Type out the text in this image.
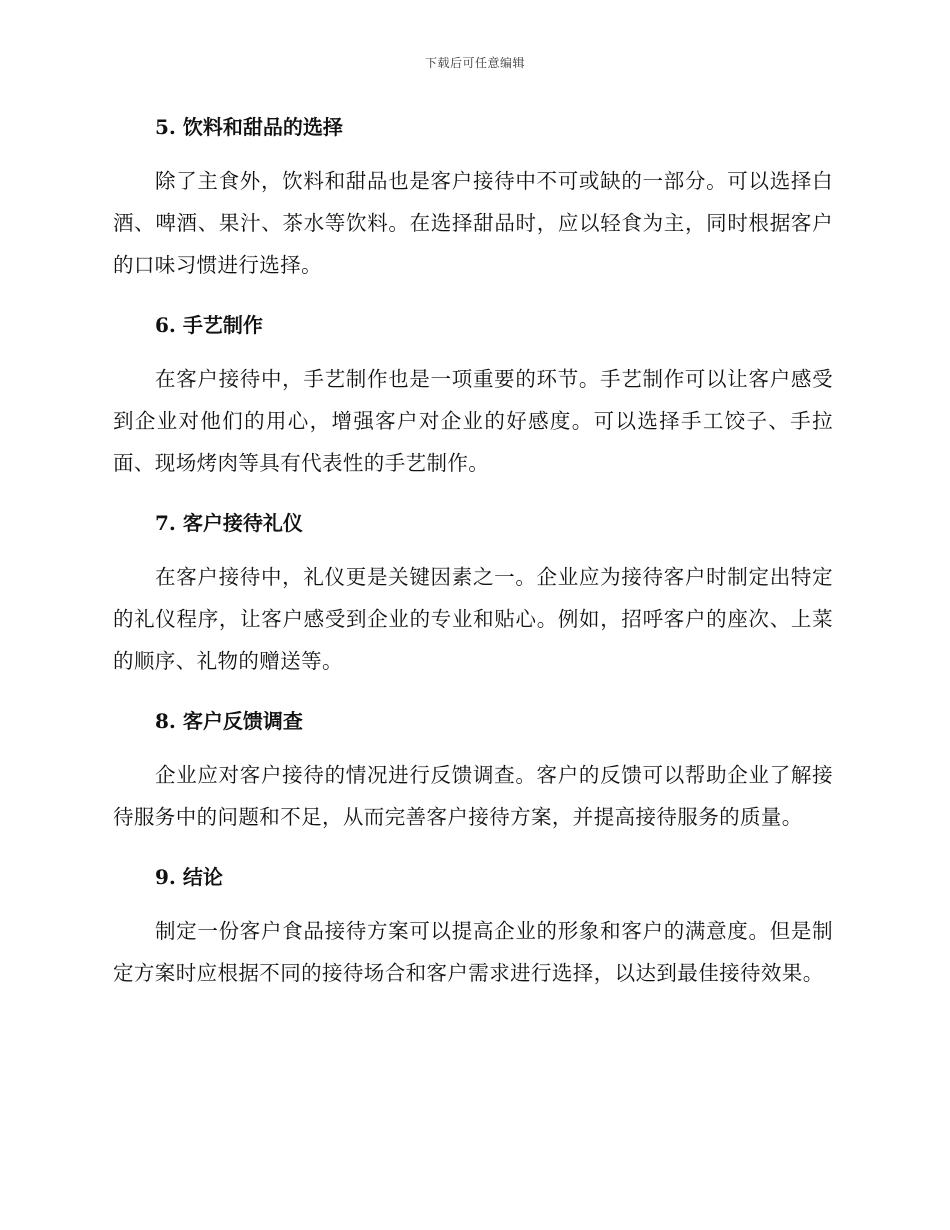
下载后可任意编辑
5. 饮料和甜品的选择

除了主食外，饮料和甜品也是客户接待中不可或缺的一部分。可以选择白酒、啤酒、果汁、茶水等饮料。在选择甜品时，应以轻食为主，同时根据客户的口味习惯进行选择。

6. 手艺制作

在客户接待中，手艺制作也是一项重要的环节。手艺制作可以让客户感受到企业对他们的用心，增强客户对企业的好感度。可以选择手工饺子、手拉面、现场烤肉等具有代表性的手艺制作。

7. 客户接待礼仪

在客户接待中，礼仪更是关键因素之一。企业应为接待客户时制定出特定的礼仪程序，让客户感受到企业的专业和贴心。例如，招呼客户的座次、上菜的顺序、礼物的赠送等。

8. 客户反馈调查

企业应对客户接待的情况进行反馈调查。客户的反馈可以帮助企业了解接待服务中的问题和不足，从而完善客户接待方案，并提高接待服务的质量。

9. 结论

制定一份客户食品接待方案可以提高企业的形象和客户的满意度。但是制定方案时应根据不同的接待场合和客户需求进行选择，以达到最佳接待效果。
